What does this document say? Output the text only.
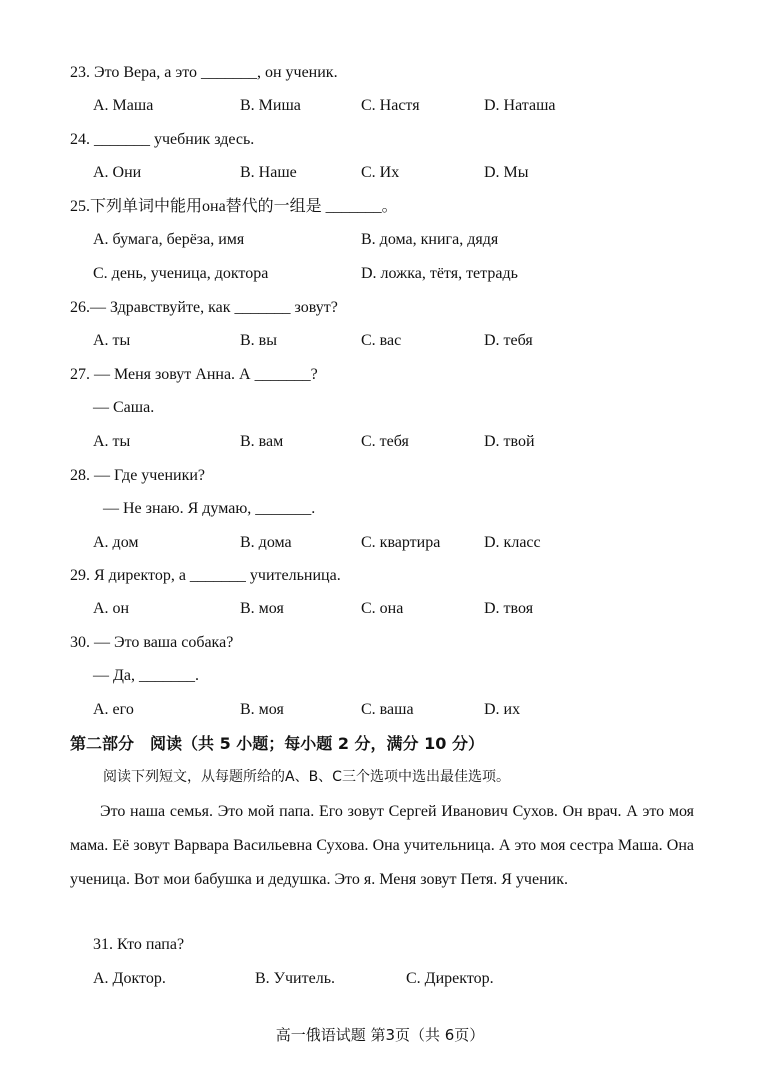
23. Это Вера, а это _______, он ученик.
A. Маша	B. Миша	C. Настя	D. Наташа
24. _______ учебник здесь.
A. Они	B. Наше	C. Их	D. Мы
25.下列单词中能用она替代的一组是 _______。
A. бумага, берёза, имя	B. дома, книга, дядя
C. день, ученица, доктора	D. ложка, тётя, тетрадь
26.— Здравствуйте, как _______ зовут?
A. ты	B. вы	C. вас	D. тебя
27. — Меня зовут Анна. А _______?
— Саша.
A. ты	B. вам	C. тебя	D. твой
28. — Где ученики?
— Не знаю. Я думаю, _______.
A. дом	B. дома	C. квартира	D. класс
29. Я директор, а _______ учительница.
A. он	B. моя	C. она	D. твоя
30. — Это ваша собака?
— Да, _______.
A. его	B. моя	C. ваша	D. их
第二部分　阅读（共 5 小题；每小题 2 分，满分 10 分）
阅读下列短文，从每题所给的A、B、C三个选项中选出最佳选项。

Это наша семья. Это мой папа. Его зовут Сергей Иванович Сухов. Он врач. А это моя мама. Её зовут Варвара Васильевна Сухова. Она учительница. А это моя сестра Маша. Она ученица. Вот мои бабушка и дедушка. Это я. Меня зовут Петя. Я ученик.

31. Кто папа?
A. Доктор.	B. Учитель.	C. Директор.
高一俄语试题 第3页（共 6页）
